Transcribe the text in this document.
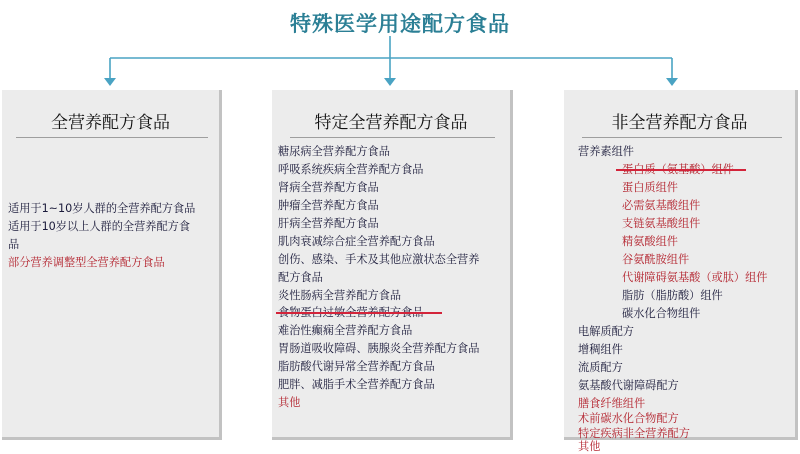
特殊医学用途配方食品
全营养配方食品
适用于1~10岁人群的全营养配方食品
适用于10岁以上人群的全营养配方食
品
部分营养调整型全营养配方食品
特定全营养配方食品
糖尿病全营养配方食品
呼吸系统疾病全营养配方食品
肾病全营养配方食品
肿瘤全营养配方食品
肝病全营养配方食品
肌肉衰减综合症全营养配方食品
创伤、感染、手术及其他应激状态全营养
配方食品
炎性肠病全营养配方食品
食物蛋白过敏全营养配方食品
难治性癫痫全营养配方食品
胃肠道吸收障碍、胰腺炎全营养配方食品
脂肪酸代谢异常全营养配方食品
肥胖、减脂手术全营养配方食品
其他
非全营养配方食品
营养素组件
蛋白质（氨基酸）组件
蛋白质组件
必需氨基酸组件
支链氨基酸组件
精氨酸组件
谷氨酰胺组件
代谢障碍氨基酸（或肽）组件
脂肪（脂肪酸）组件
碳水化合物组件
电解质配方
增稠组件
流质配方
氨基酸代谢障碍配方
膳食纤维组件
术前碳水化合物配方
特定疾病非全营养配方
其他
